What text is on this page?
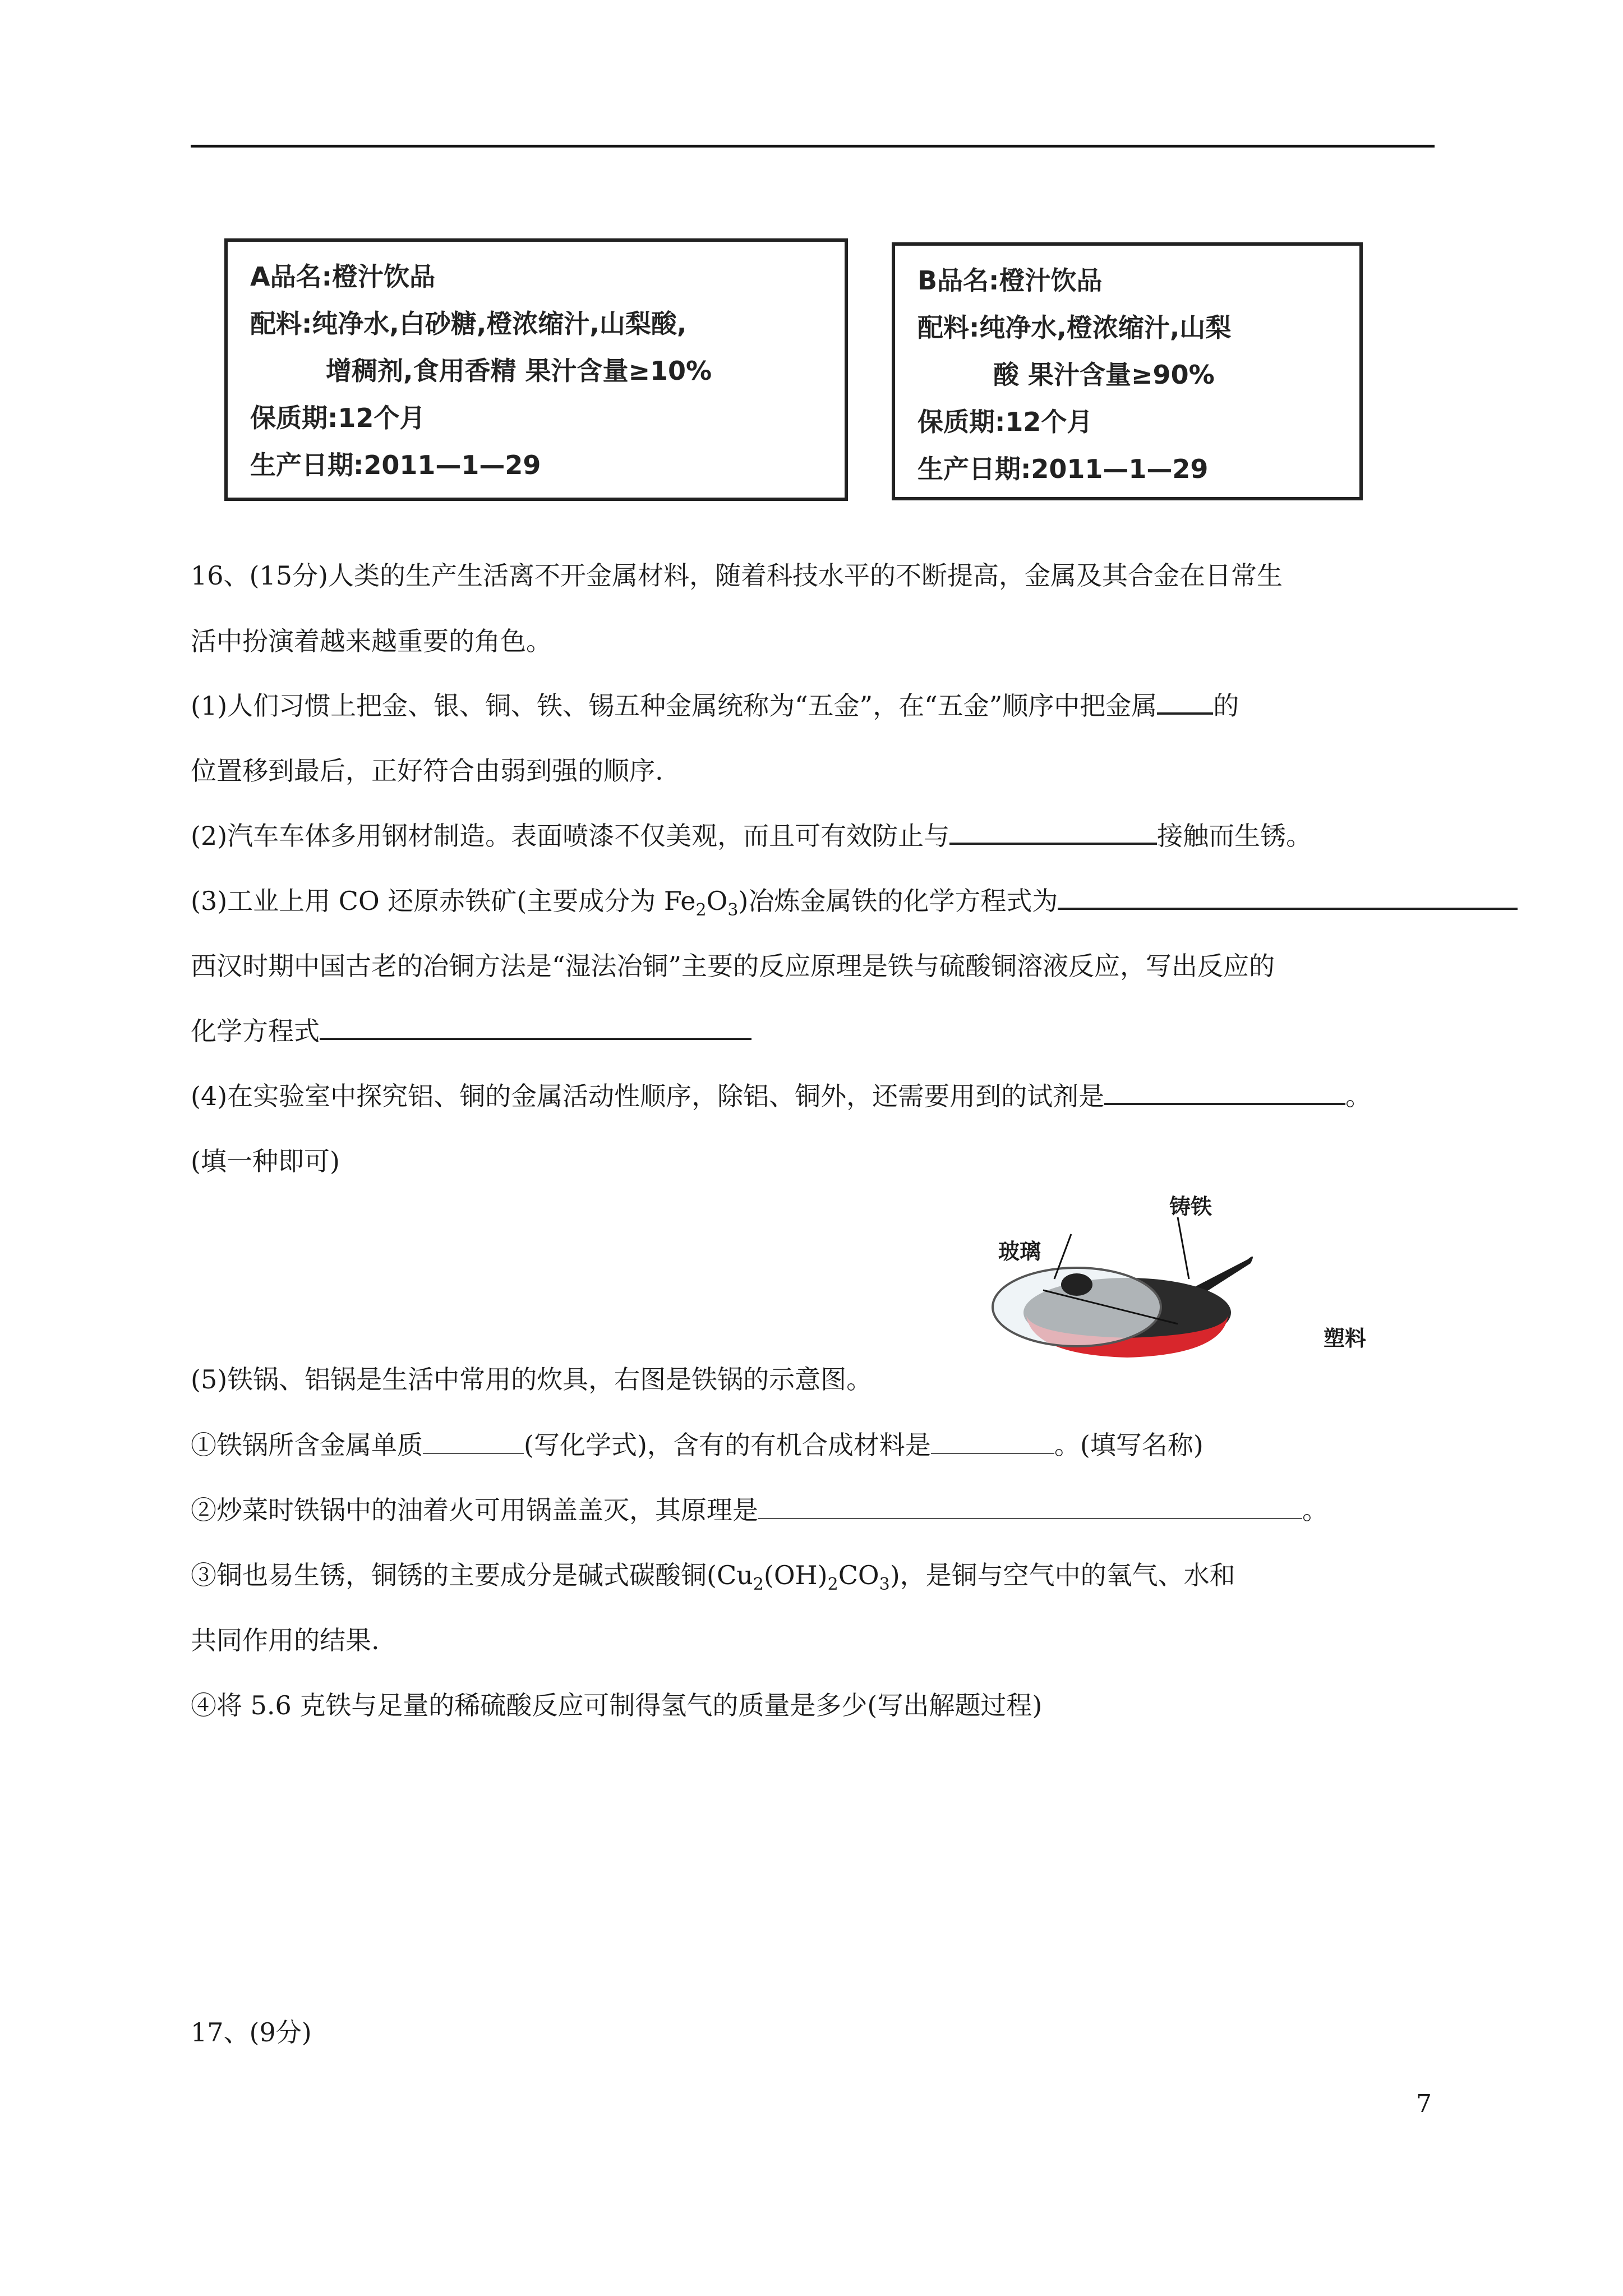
A品名:橙汁饮品
配料:纯净水,白砂糖,橙浓缩汁,山梨酸,
增稠剂,食用香精 果汁含量≥10%
保质期:12个月
生产日期:2011—1—29
B品名:橙汁饮品
配料:纯净水,橙浓缩汁,山梨
酸 果汁含量≥90%
保质期:12个月
生产日期:2011—1—29
16、(15分)人类的生产生活离不开金属材料，随着科技水平的不断提高，金属及其合金在日常生
活中扮演着越来越重要的角色。
(1)人们习惯上把金、银、铜、铁、锡五种金属统称为“五金”，在“五金”顺序中把金属 的
位置移到最后，正好符合由弱到强的顺序.
(2)汽车车体多用钢材制造。表面喷漆不仅美观，而且可有效防止与	接触而生锈。
(3)工业上用 CO 还原赤铁矿(主要成分为 $Fe_2O_3$)冶炼金属铁的化学方程式为
西汉时期中国古老的冶铜方法是“湿法冶铜”主要的反应原理是铁与硫酸铜溶液反应，写出反应的
化学方程式
(4)在实验室中探究铝、铜的金属活动性顺序，除铝、铜外，还需要用到的试剂是	。
(填一种即可)
铸铁
玻璃
塑料
(5)铁锅、铝锅是生活中常用的炊具，右图是铁锅的示意图。
①铁锅所含金属单质	(写化学式)，含有的有机合成材料是	。(填写名称)
②炒菜时铁锅中的油着火可用锅盖盖灭，其原理是	。
③铜也易生锈，铜锈的主要成分是碱式碳酸铜$(Cu_2(OH)_2CO_3)$，是铜与空气中的氧气、水和
共同作用的结果.
④将 5.6 克铁与足量的稀硫酸反应可制得氢气的质量是多少(写出解题过程)
17、(9分)
7
